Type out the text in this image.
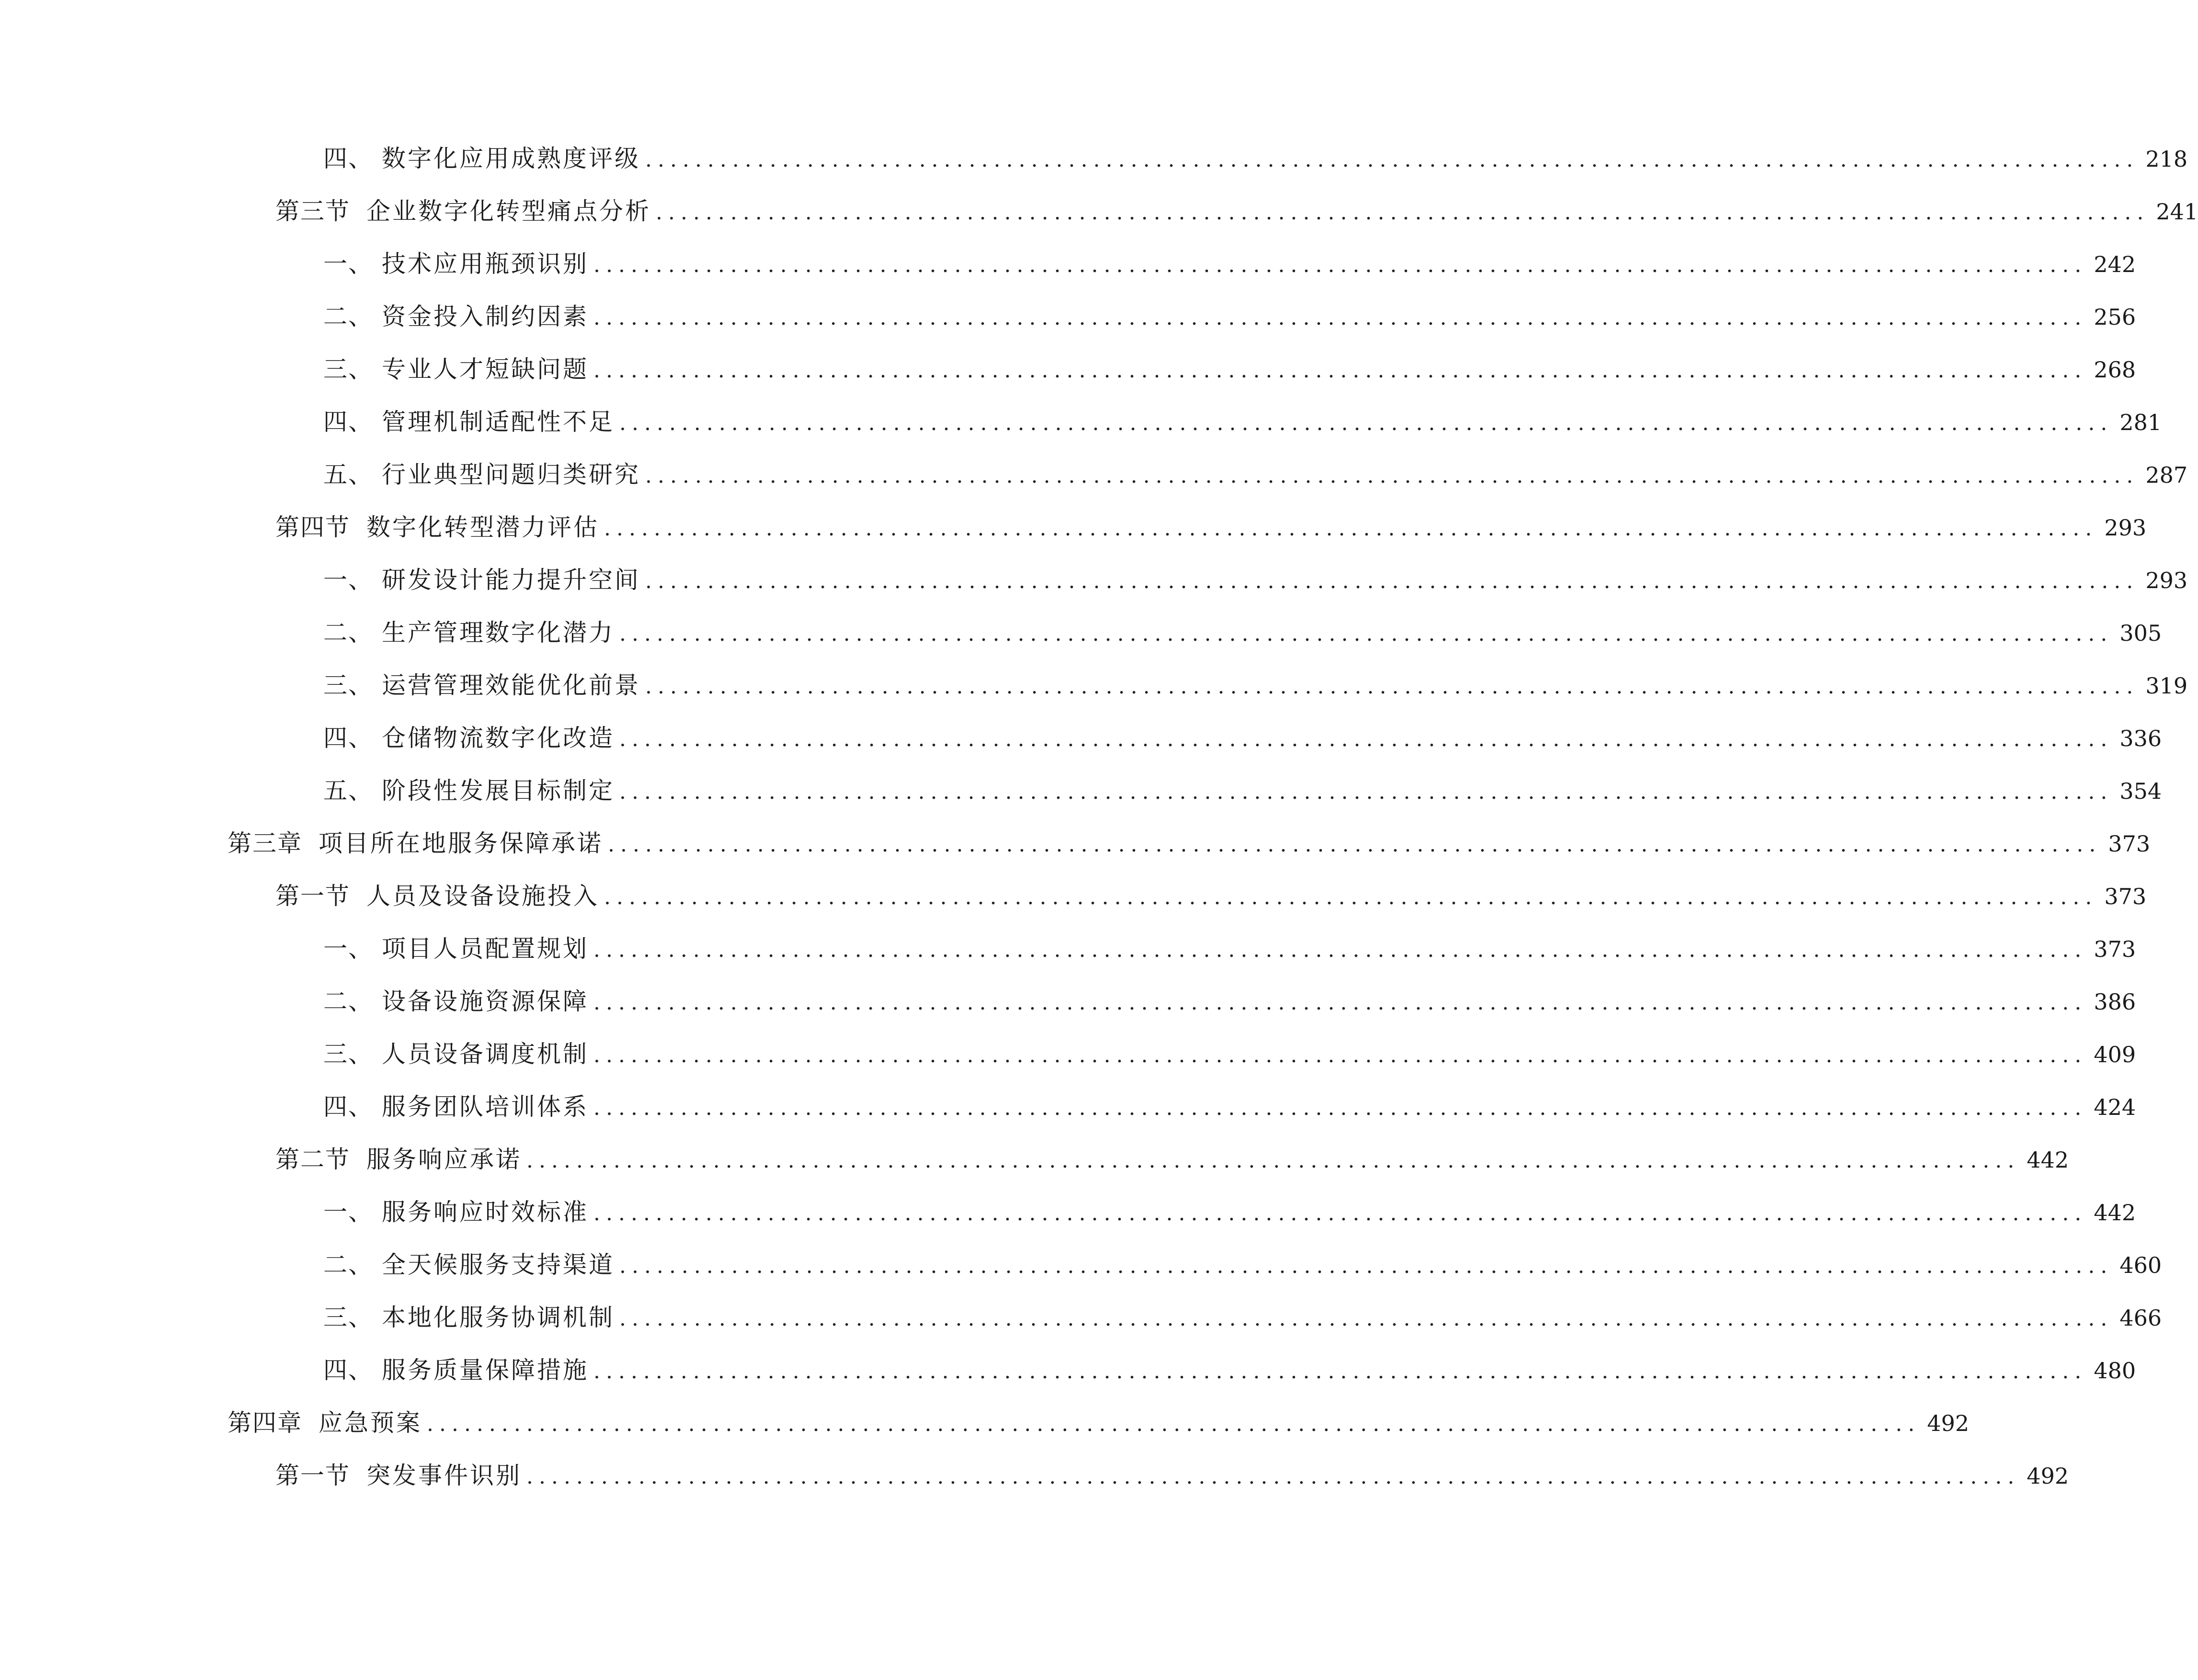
四、 数字化应用成熟度评级 ........................................................................................................................ 218
第三节 企业数字化转型痛点分析 ........................................................................................................................ 241
一、 技术应用瓶颈识别 ........................................................................................................................ 242
二、 资金投入制约因素 ........................................................................................................................ 256
三、 专业人才短缺问题 ........................................................................................................................ 268
四、 管理机制适配性不足 ........................................................................................................................ 281
五、 行业典型问题归类研究 ........................................................................................................................ 287
第四节 数字化转型潜力评估 ........................................................................................................................ 293
一、 研发设计能力提升空间 ........................................................................................................................ 293
二、 生产管理数字化潜力 ........................................................................................................................ 305
三、 运营管理效能优化前景 ........................................................................................................................ 319
四、 仓储物流数字化改造 ........................................................................................................................ 336
五、 阶段性发展目标制定 ........................................................................................................................ 354
第三章 项目所在地服务保障承诺 ........................................................................................................................ 373
第一节 人员及设备设施投入 ........................................................................................................................ 373
一、 项目人员配置规划 ........................................................................................................................ 373
二、 设备设施资源保障 ........................................................................................................................ 386
三、 人员设备调度机制 ........................................................................................................................ 409
四、 服务团队培训体系 ........................................................................................................................ 424
第二节 服务响应承诺 ........................................................................................................................ 442
一、 服务响应时效标准 ........................................................................................................................ 442
二、 全天候服务支持渠道 ........................................................................................................................ 460
三、 本地化服务协调机制 ........................................................................................................................ 466
四、 服务质量保障措施 ........................................................................................................................ 480
第四章 应急预案 ........................................................................................................................ 492
第一节 突发事件识别 ........................................................................................................................ 492
